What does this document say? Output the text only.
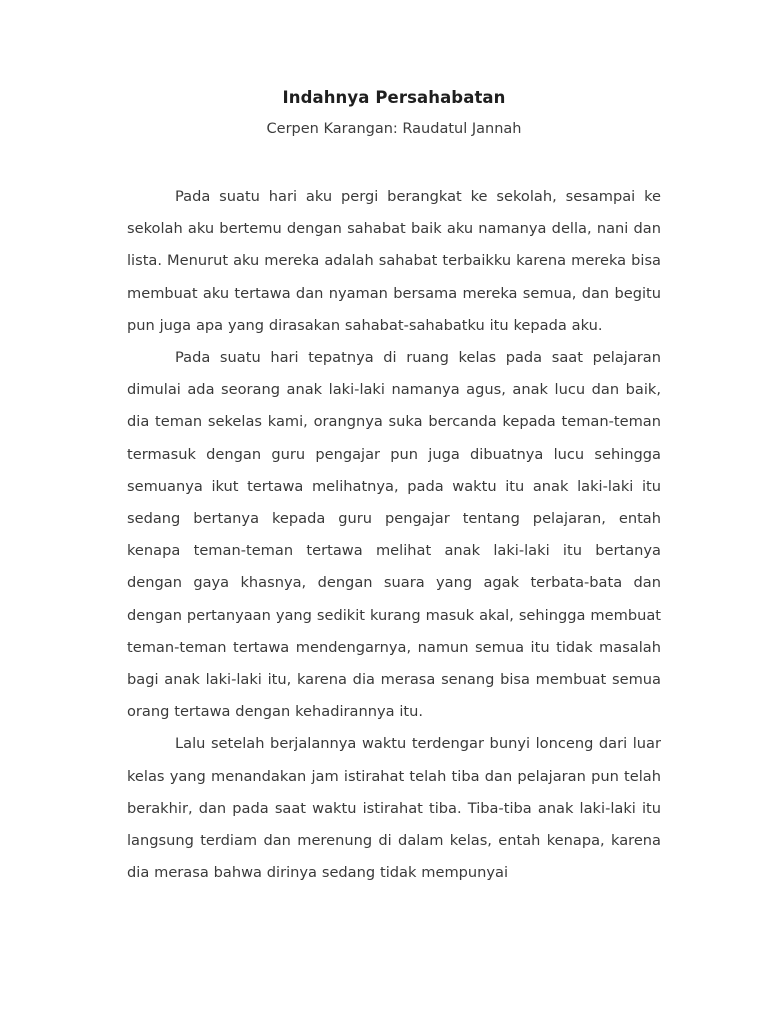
Indahnya Persahabatan
Cerpen Karangan: Raudatul Jannah

Pada suatu hari aku pergi berangkat ke sekolah, sesampai ke sekolah aku bertemu dengan sahabat baik aku namanya della, nani dan lista. Menurut aku mereka adalah sahabat terbaikku karena mereka bisa membuat aku tertawa dan nyaman bersama mereka semua, dan begitu pun juga apa yang dirasakan sahabat-sahabatku itu kepada aku.

Pada suatu hari tepatnya di ruang kelas pada saat pelajaran dimulai ada seorang anak laki-laki namanya agus, anak lucu dan baik, dia teman sekelas kami, orangnya suka bercanda kepada teman-teman termasuk dengan guru pengajar pun juga dibuatnya lucu sehingga semuanya ikut tertawa melihatnya, pada waktu itu anak laki-laki itu sedang bertanya kepada guru pengajar tentang pelajaran, entah kenapa teman-teman tertawa melihat anak laki-laki itu bertanya dengan gaya khasnya, dengan suara yang agak terbata-bata dan dengan pertanyaan yang sedikit kurang masuk akal, sehingga membuat teman-teman tertawa mendengarnya, namun semua itu tidak masalah bagi anak laki-laki itu, karena dia merasa senang bisa membuat semua orang tertawa dengan kehadirannya itu.

Lalu setelah berjalannya waktu terdengar bunyi lonceng dari luar kelas yang menandakan jam istirahat telah tiba dan pelajaran pun telah berakhir, dan pada saat waktu istirahat tiba. Tiba-tiba anak laki-laki itu langsung terdiam dan merenung di dalam kelas, entah kenapa, karena dia merasa bahwa dirinya sedang tidak mempunyai
